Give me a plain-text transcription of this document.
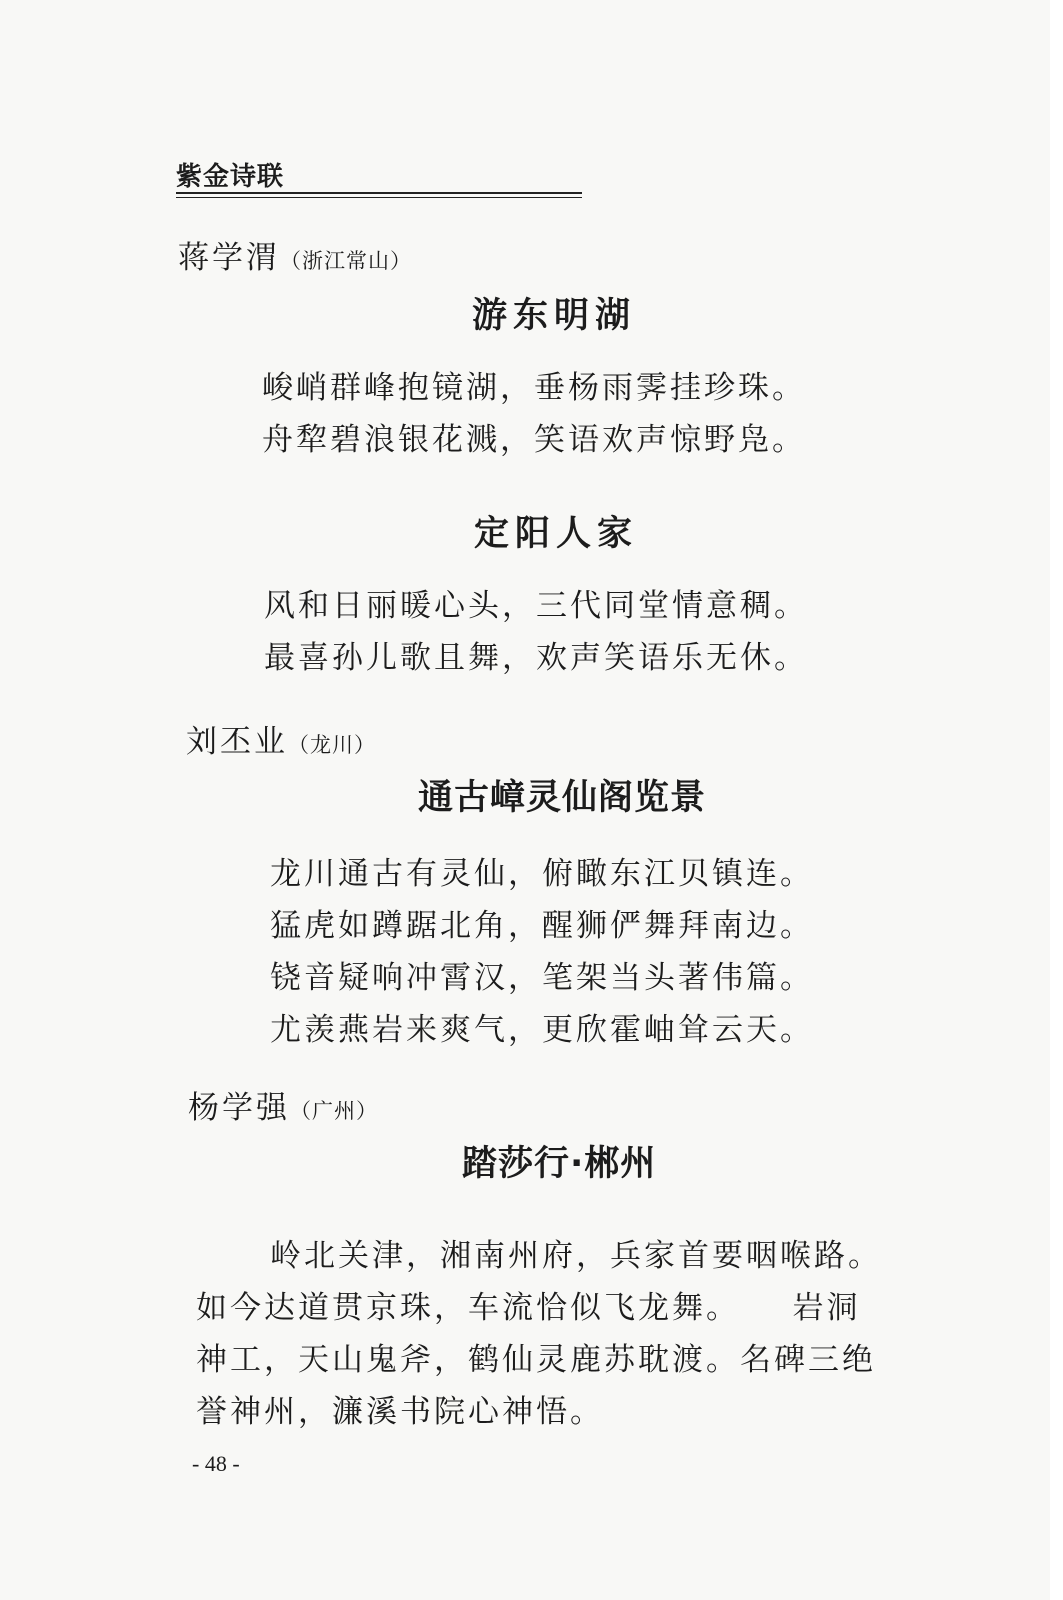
紫金诗联
蒋学渭（浙江常山）
游东明湖
峻峭群峰抱镜湖，垂杨雨霁挂珍珠。
舟犂碧浪银花溅，笑语欢声惊野凫。
定阳人家
风和日丽暖心头，三代同堂情意稠。
最喜孙儿歌且舞，欢声笑语乐无休。
刘丕业（龙川）
通古嶂灵仙阁览景
龙川通古有灵仙，俯瞰东江贝镇连。
猛虎如蹲踞北角，醒狮俨舞拜南边。
铙音疑响冲霄汉，笔架当头著伟篇。
尤羡燕岩来爽气，更欣霍岫耸云天。
杨学强（广州）
踏莎行·郴州
岭北关津，湘南州府，兵家首要咽喉路。
如今达道贯京珠，车流恰似飞龙舞。　　岩洞
神工，天山鬼斧，鹤仙灵鹿苏耽渡。名碑三绝
誉神州，濂溪书院心神悟。
- 48 -
